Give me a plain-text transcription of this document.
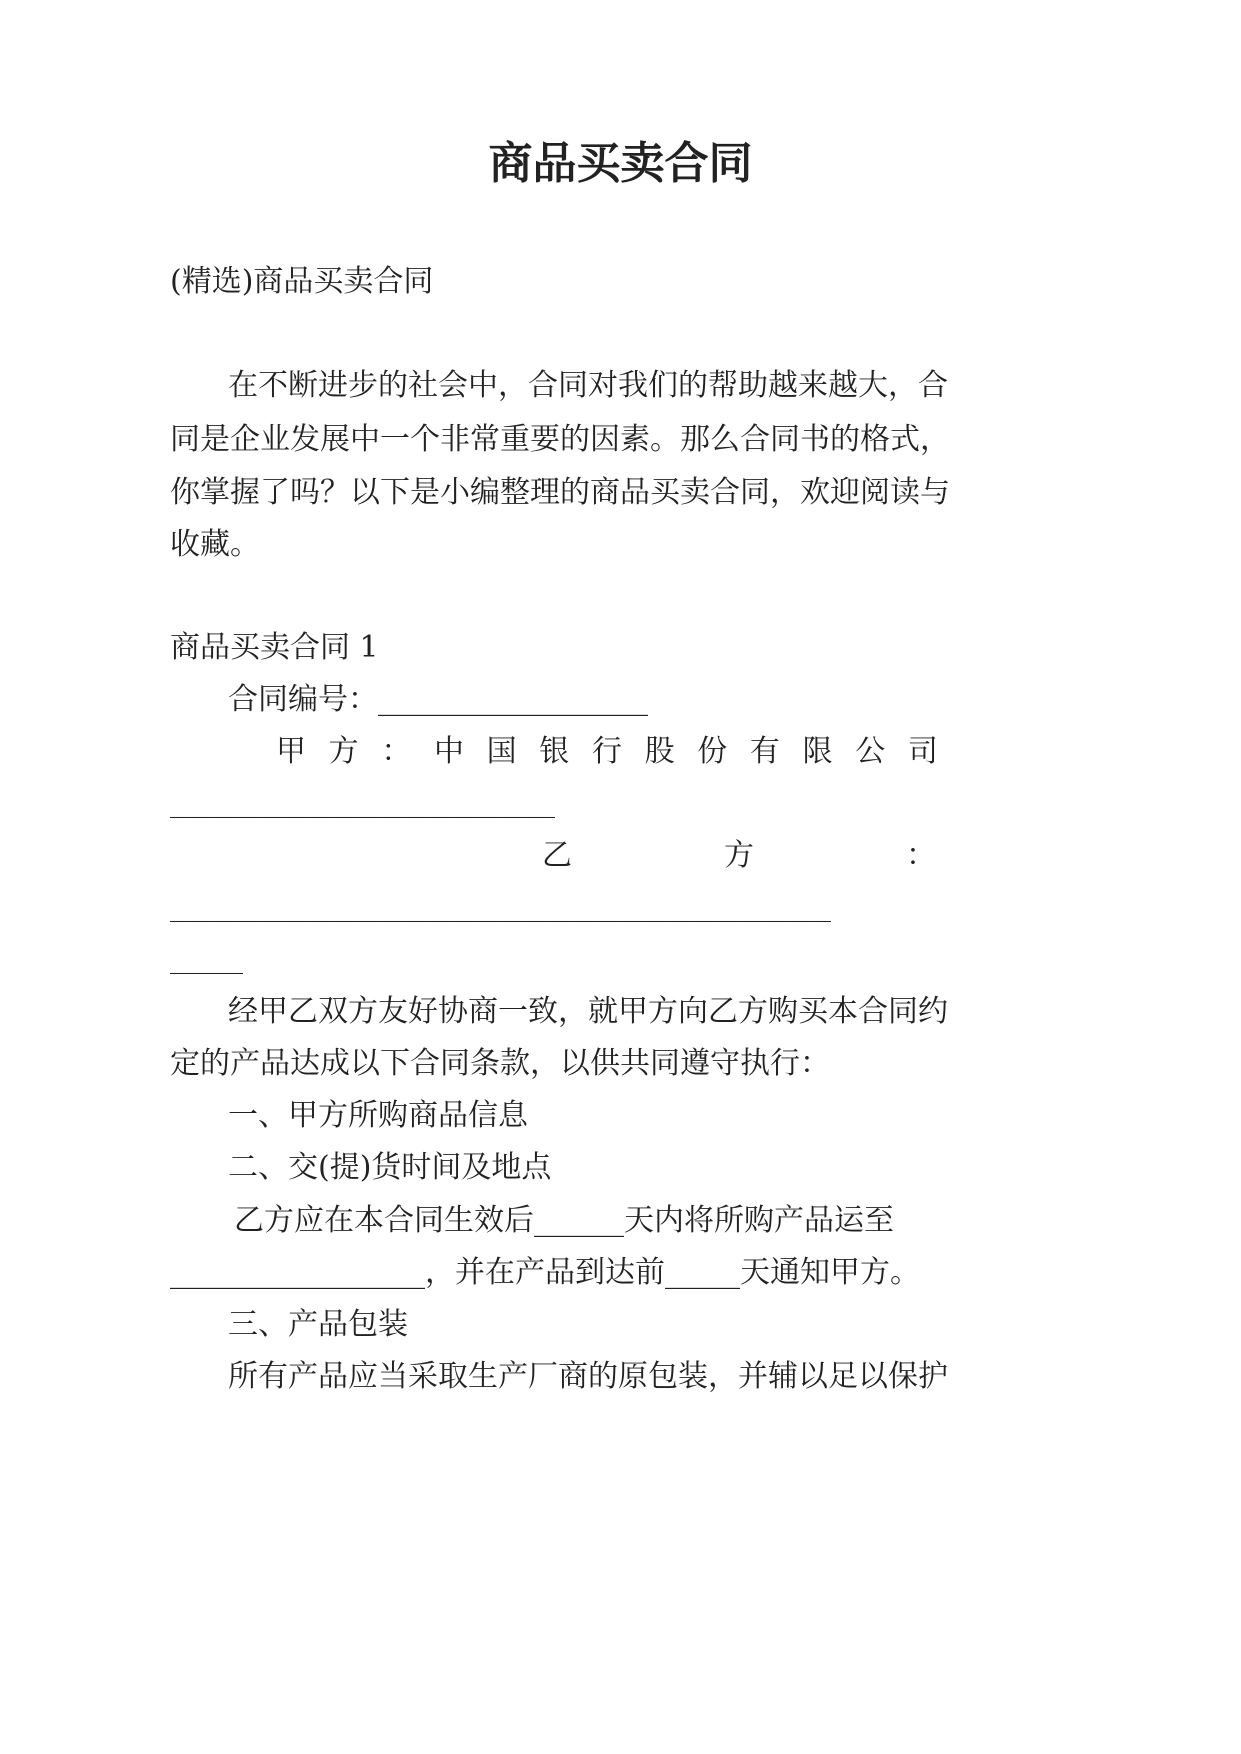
商品买卖合同

(精选)商品买卖合同

在不断进步的社会中，合同对我们的帮助越来越大，合

同是企业发展中一个非常重要的因素。那么合同书的格式，

你掌握了吗？以下是小编整理的商品买卖合同，欢迎阅读与

收藏。

商品买卖合同 1

合同编号：__________________

甲 方 ： 中 国 银 行 股 份 有 限 公 司

________________________________

乙	方	：

_______________________________________________________

______

经甲乙双方友好协商一致，就甲方向乙方购买本合同约

定的产品达成以下合同条款，以供共同遵守执行：

一、甲方所购商品信息

二、交(提)货时间及地点

乙方应在本合同生效后______天内将所购产品运至

_________________，并在产品到达前_____天通知甲方。

三、产品包装

所有产品应当采取生产厂商的原包装，并辅以足以保护
